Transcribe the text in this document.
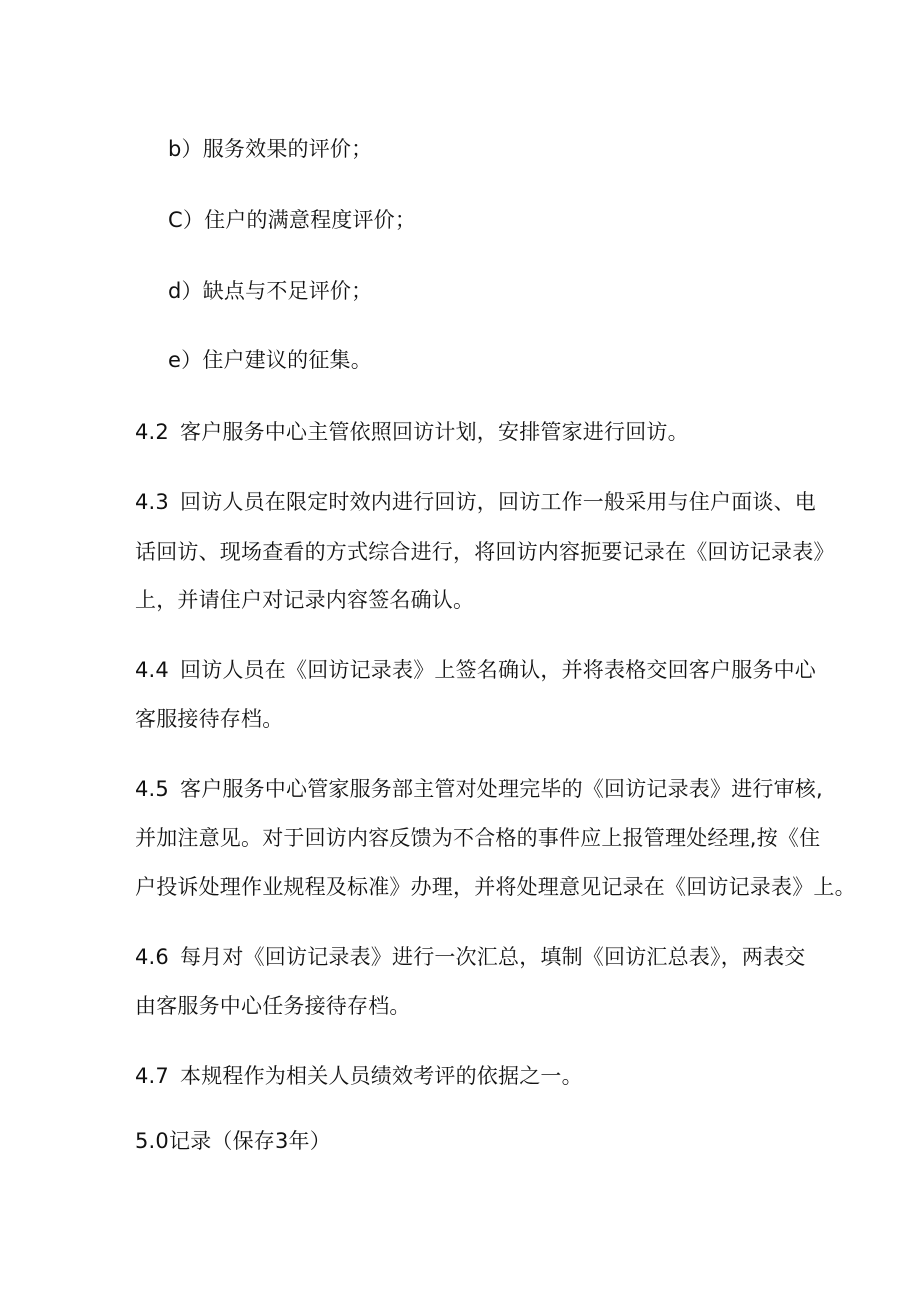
b）服务效果的评价；
C）住户的满意程度评价；
d）缺点与不足评价；
e）住户建议的征集。
4.2 客户服务中心主管依照回访计划，安排管家进行回访。
4.3 回访人员在限定时效内进行回访，回访工作一般采用与住户面谈、电
话回访、现场查看的方式综合进行，将回访内容扼要记录在《回访记录表》
上，并请住户对记录内容签名确认。
4.4 回访人员在《回访记录表》上签名确认，并将表格交回客户服务中心
客服接待存档。
4.5 客户服务中心管家服务部主管对处理完毕的《回访记录表》进行审核,
并加注意见。对于回访内容反馈为不合格的事件应上报管理处经理,按《住
户投诉处理作业规程及标准》办理，并将处理意见记录在《回访记录表》上。
4.6 每月对《回访记录表》进行一次汇总，填制《回访汇总表》，两表交
由客服务中心任务接待存档。
4.7 本规程作为相关人员绩效考评的依据之一。
5.0记录（保存3年）
